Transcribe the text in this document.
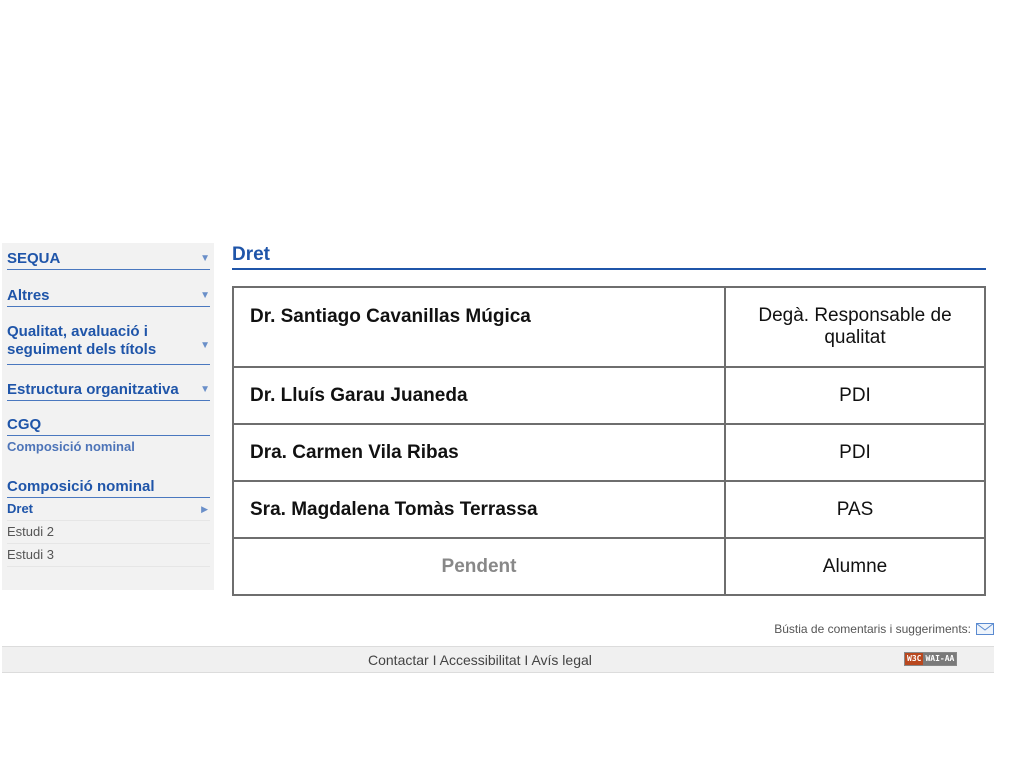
SEQUA	▼
Altres	▼
Qualitat, avaluació i seguiment dels títols	▼
Estructura organitzativa ▼
CGQ
Composició nominal
Composició nominal
Dret	▶
Estudi 2
Estudi 3
Dret
Dr. Santiago Cavanillas Múgica	Degà. Responsable de qualitat
Dr. Lluís Garau Juaneda	PDI
Dra. Carmen Vila Ribas	PDI
Sra. Magdalena Tomàs Terrassa	PAS
Pendent	Alumne
Bústia de comentaris i suggeriments:
Contactar I Accessibilitat I Avís legal	W3C WAI-AA
